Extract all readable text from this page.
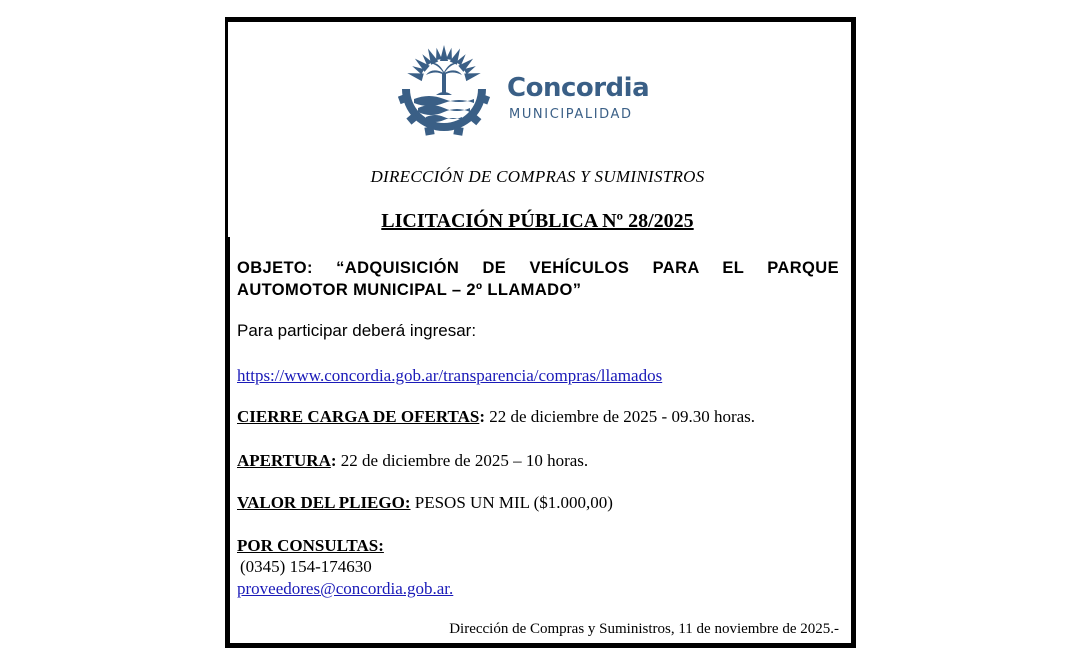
Concordia
MUNICIPALIDAD
DIRECCIÓN DE COMPRAS Y SUMINISTROS
LICITACIÓN PÚBLICA Nº 28/2025
OBJETO: “ADQUISICIÓN DE VEHÍCULOS PARA EL PARQUE AUTOMOTOR MUNICIPAL – 2º LLAMADO”
Para participar deberá ingresar:
https://www.concordia.gob.ar/transparencia/compras/llamados
CIERRE CARGA DE OFERTAS: 22 de diciembre de 2025 - 09.30 horas.
APERTURA: 22 de diciembre de 2025 – 10 horas.
VALOR DEL PLIEGO: PESOS UN MIL ($1.000,00)
POR CONSULTAS:
(0345) 154-174630
proveedores@concordia.gob.ar.
Dirección de Compras y Suministros, 11 de noviembre de 2025.-
